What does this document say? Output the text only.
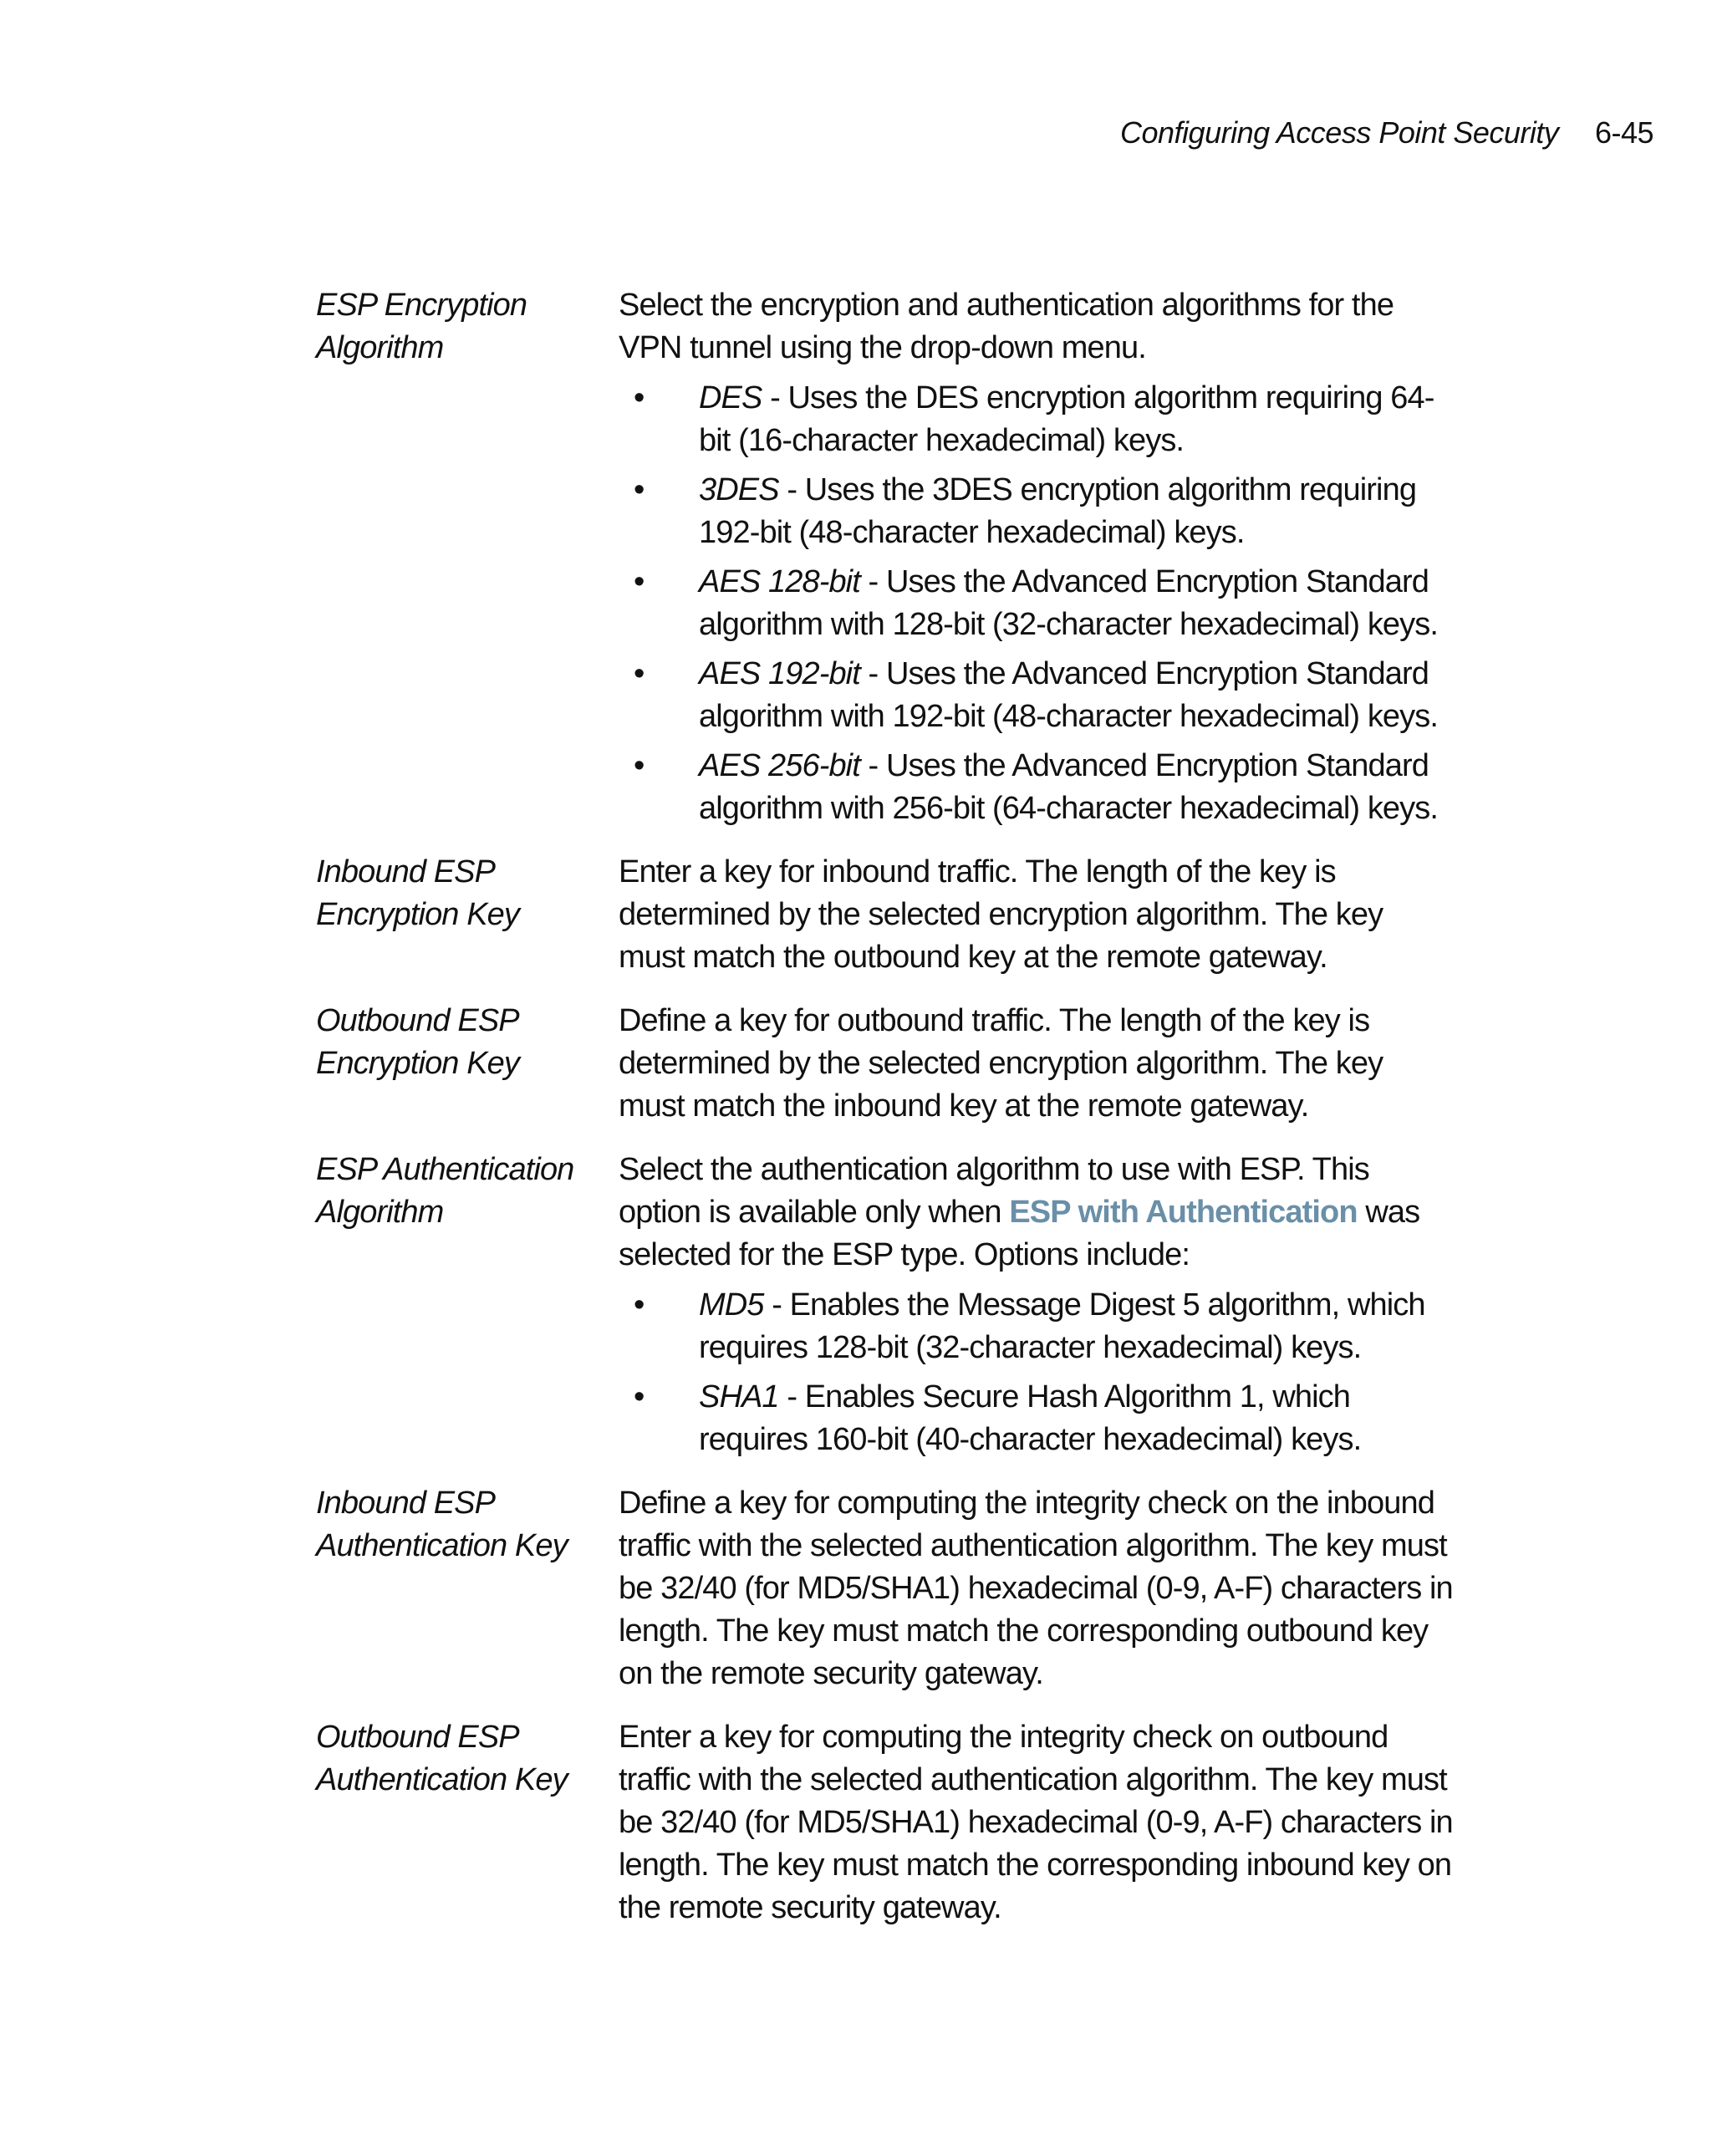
Configuring Access Point Security 6-45
ESP Encryption
Algorithm

Select the encryption and authentication algorithms for the VPN tunnel using the drop-down menu.

• DES - Uses the DES encryption algorithm requiring 64-bit (16-character hexadecimal) keys.
• 3DES - Uses the 3DES encryption algorithm requiring 192-bit (48-character hexadecimal) keys.
• AES 128-bit - Uses the Advanced Encryption Standard algorithm with 128-bit (32-character hexadecimal) keys.
• AES 192-bit - Uses the Advanced Encryption Standard algorithm with 192-bit (48-character hexadecimal) keys.
• AES 256-bit - Uses the Advanced Encryption Standard algorithm with 256-bit (64-character hexadecimal) keys.
Inbound ESP
Encryption Key

Enter a key for inbound traffic. The length of the key is determined by the selected encryption algorithm. The key must match the outbound key at the remote gateway.

Outbound ESP
Encryption Key

Define a key for outbound traffic. The length of the key is determined by the selected encryption algorithm. The key must match the inbound key at the remote gateway.

ESP Authentication
Algorithm

Select the authentication algorithm to use with ESP. This option is available only when ESP with Authentication was selected for the ESP type. Options include:

• MD5 - Enables the Message Digest 5 algorithm, which requires 128-bit (32-character hexadecimal) keys.
• SHA1 - Enables Secure Hash Algorithm 1, which requires 160-bit (40-character hexadecimal) keys.
Inbound ESP
Authentication Key

Define a key for computing the integrity check on the inbound traffic with the selected authentication algorithm. The key must be 32/40 (for MD5/SHA1) hexadecimal (0-9, A-F) characters in length. The key must match the corresponding outbound key on the remote security gateway.

Outbound ESP
Authentication Key

Enter a key for computing the integrity check on outbound traffic with the selected authentication algorithm. The key must be 32/40 (for MD5/SHA1) hexadecimal (0-9, A-F) characters in length. The key must match the corresponding inbound key on the remote security gateway.
